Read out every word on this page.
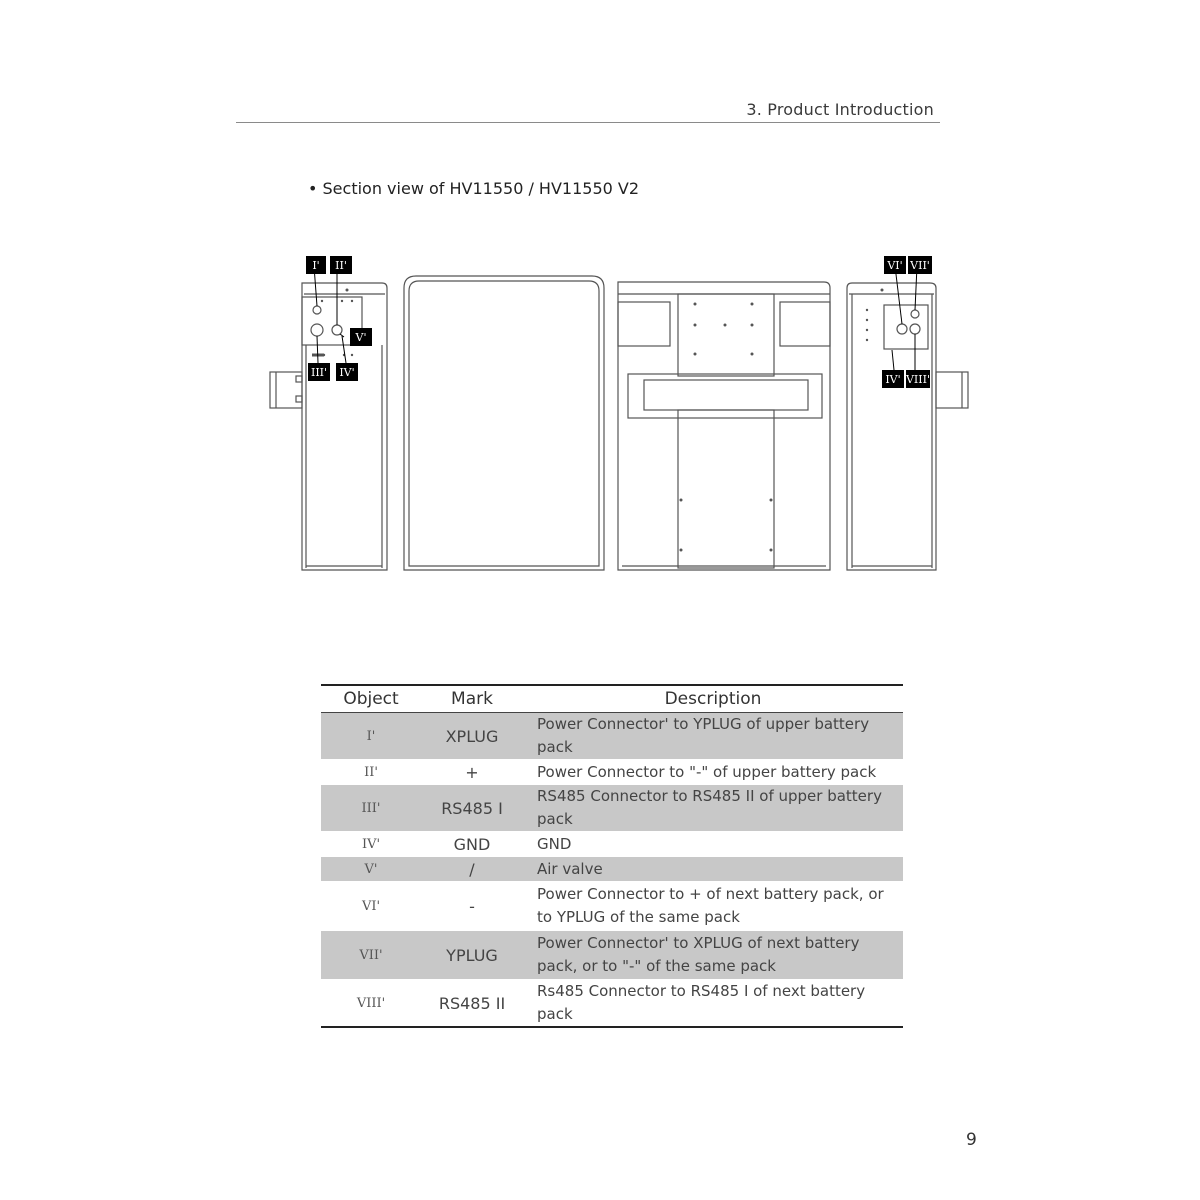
3. Product Introduction
• Section view of HV11550 / HV11550 V2
I' II'
V'
III' IV'
VI' VII'
IV' VIII'
Object	Mark	Description
I'	XPLUG	Power Connector' to YPLUG of upper battery pack
II'	+	Power Connector to "-" of upper battery pack
III'	RS485 I	RS485 Connector to RS485 II of upper battery pack
IV'	GND	GND
V'	/	Air valve
VI'	-	Power Connector to + of next battery pack, or to YPLUG of the same pack
VII'	YPLUG	Power Connector' to XPLUG of next battery pack, or to "-" of the same pack
VIII'	RS485 II	Rs485 Connector to RS485 I of next battery pack
9
